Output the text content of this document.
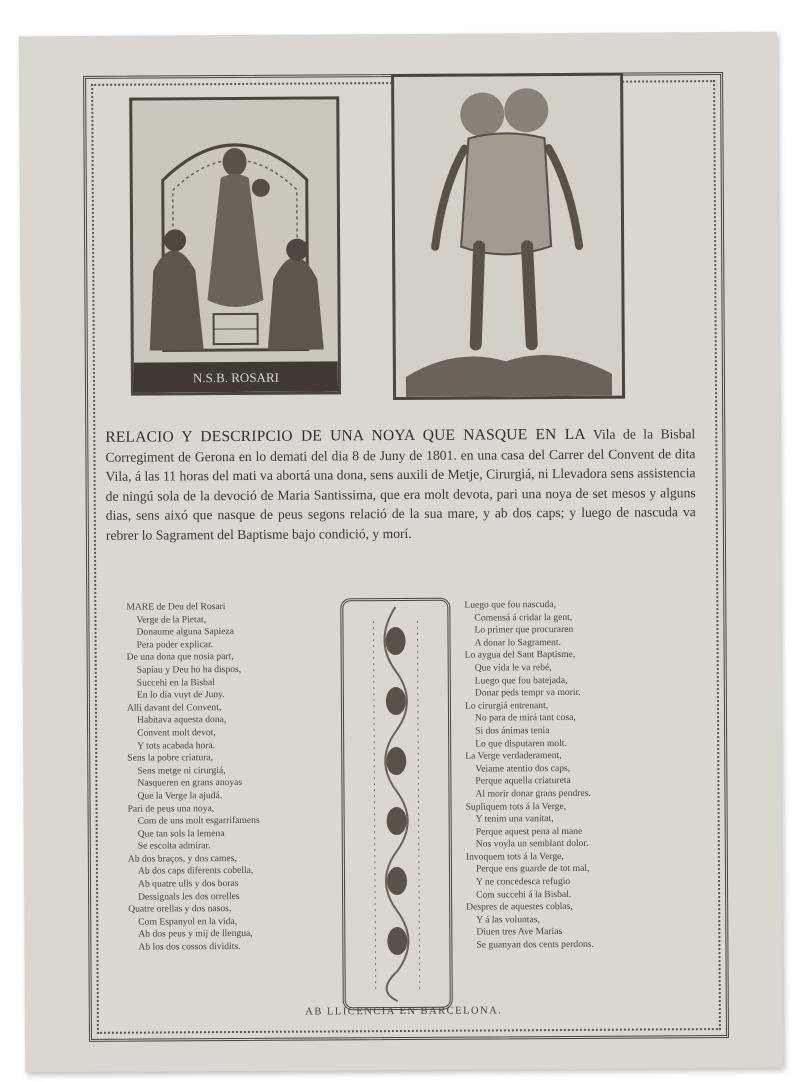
N.S.B. ROSARI
RELACIO Y DESCRIPCIO DE UNA NOYA QUE NASQUE EN LA Vila de la Bisbal Corregiment de Gerona en lo demati del dia 8 de Juny de 1801. en una casa del Carrer del Convent de dita Vila, á las 11 horas del mati va abortá una dona, sens auxili de Metje, Cirurgiá, ni Llevadora sens assistencia de ningú sola de la devoció de Maria Santissima, que era molt devota, pari una noya de set mesos y alguns dias, sens aixó que nasque de peus segons relació de la sua mare, y ab dos caps; y luego de nascuda va rebrer lo Sagrament del Baptisme bajo condició, y morí.
MARE de Deu del Rosari
Verge de la Pietat,
Donaume alguna Sapieza
Pera poder explicar.
De una dona que nosia part,
Sapiau y Deu ho ha dispos,
Succehi en la Bisbal
En lo dia vuyt de Juny.
Alli davant del Convent,
Habitava aquesta dona,
Convent molt devot,
Y tots acabada hora.
Sens la pobre criatura,
Sens metge ni cirurgiá,
Nasqueren en grans anoyas
Que la Verge la ajudá.
Pari de peus una noya,
Com de uns molt esgarrifamens
Que tan sols la lemena
Se escolta admirar.
Ab dos braços, y dos cames,
Ab dos caps diferents cobella,
Ab quatre ulls y dos boras
Dessignals les dos orrelles
Quatre orellas y dos nasos,
Com Espanyol en la vida,
Ab dos peus y mij de llengua,
Ab los dos cossos dividits.
Luego que fou nascuda,
Comensá á cridar la gent,
Lo primer que procuraren
A donar lo Sagrament.
Lo aygua del Sant Baptisme,
Que vida le va rebé,
Luego que fou batejada,
Donar peds tempr va morir.
Lo cirurgiá entrenant,
No para de mirá tant cosa,
Si dos ánimas tenia
Lo que disputaren molt.
La Verge verdaderament,
Veiame atentio dos caps,
Perque aquella criatureta
Al morir donar grans pendres.
Supliquem tots á la Verge,
Y tenim una vanitat,
Perque aquest pena al mane
Nos voyla un semblant dolor.
Invoquem tots á la Verge,
Perque ens guarde de tot mal,
Y ne concedesca refugio
Com succehi á la Bisbal.
Despres de aquestes coblas,
Y á las voluntas,
Diuen tres Ave Marias
Se guanyan dos cents perdons.
AB LLICENCIA EN BARCELONA.
